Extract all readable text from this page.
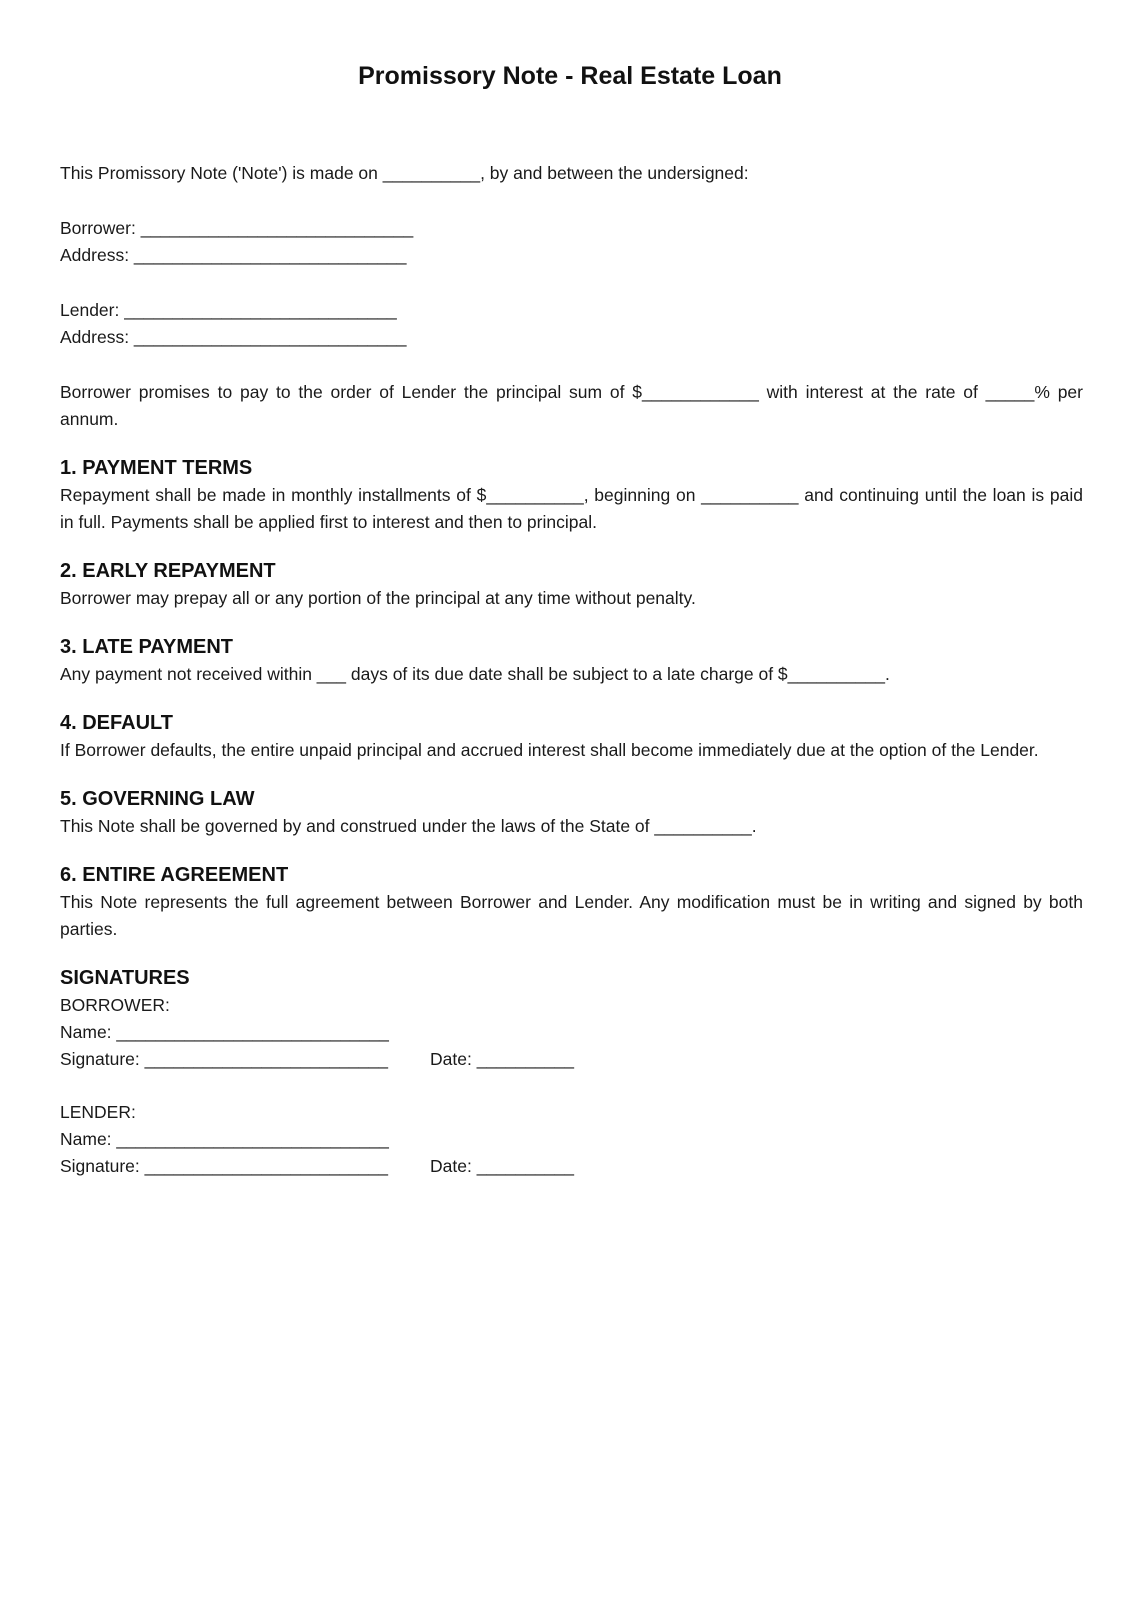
Promissory Note - Real Estate Loan

This Promissory Note ('Note') is made on __________, by and between the undersigned:

Borrower: ____________________________

Address: ____________________________

Lender: ____________________________

Address: ____________________________

Borrower promises to pay to the order of Lender the principal sum of $____________ with interest at the rate of _____% per annum.

1. PAYMENT TERMS

Repayment shall be made in monthly installments of $__________, beginning on __________ and continuing until the loan is paid in full. Payments shall be applied first to interest and then to principal.

2. EARLY REPAYMENT

Borrower may prepay all or any portion of the principal at any time without penalty.

3. LATE PAYMENT

Any payment not received within ___ days of its due date shall be subject to a late charge of $__________.

4. DEFAULT

If Borrower defaults, the entire unpaid principal and accrued interest shall become immediately due at the option of the Lender.

5. GOVERNING LAW

This Note shall be governed by and construed under the laws of the State of __________.

6. ENTIRE AGREEMENT

This Note represents the full agreement between Borrower and Lender. Any modification must be in writing and signed by both parties.

SIGNATURES

BORROWER:

Name: ____________________________

Signature: _________________________	Date: __________

LENDER:

Name: ____________________________

Signature: _________________________	Date: __________
